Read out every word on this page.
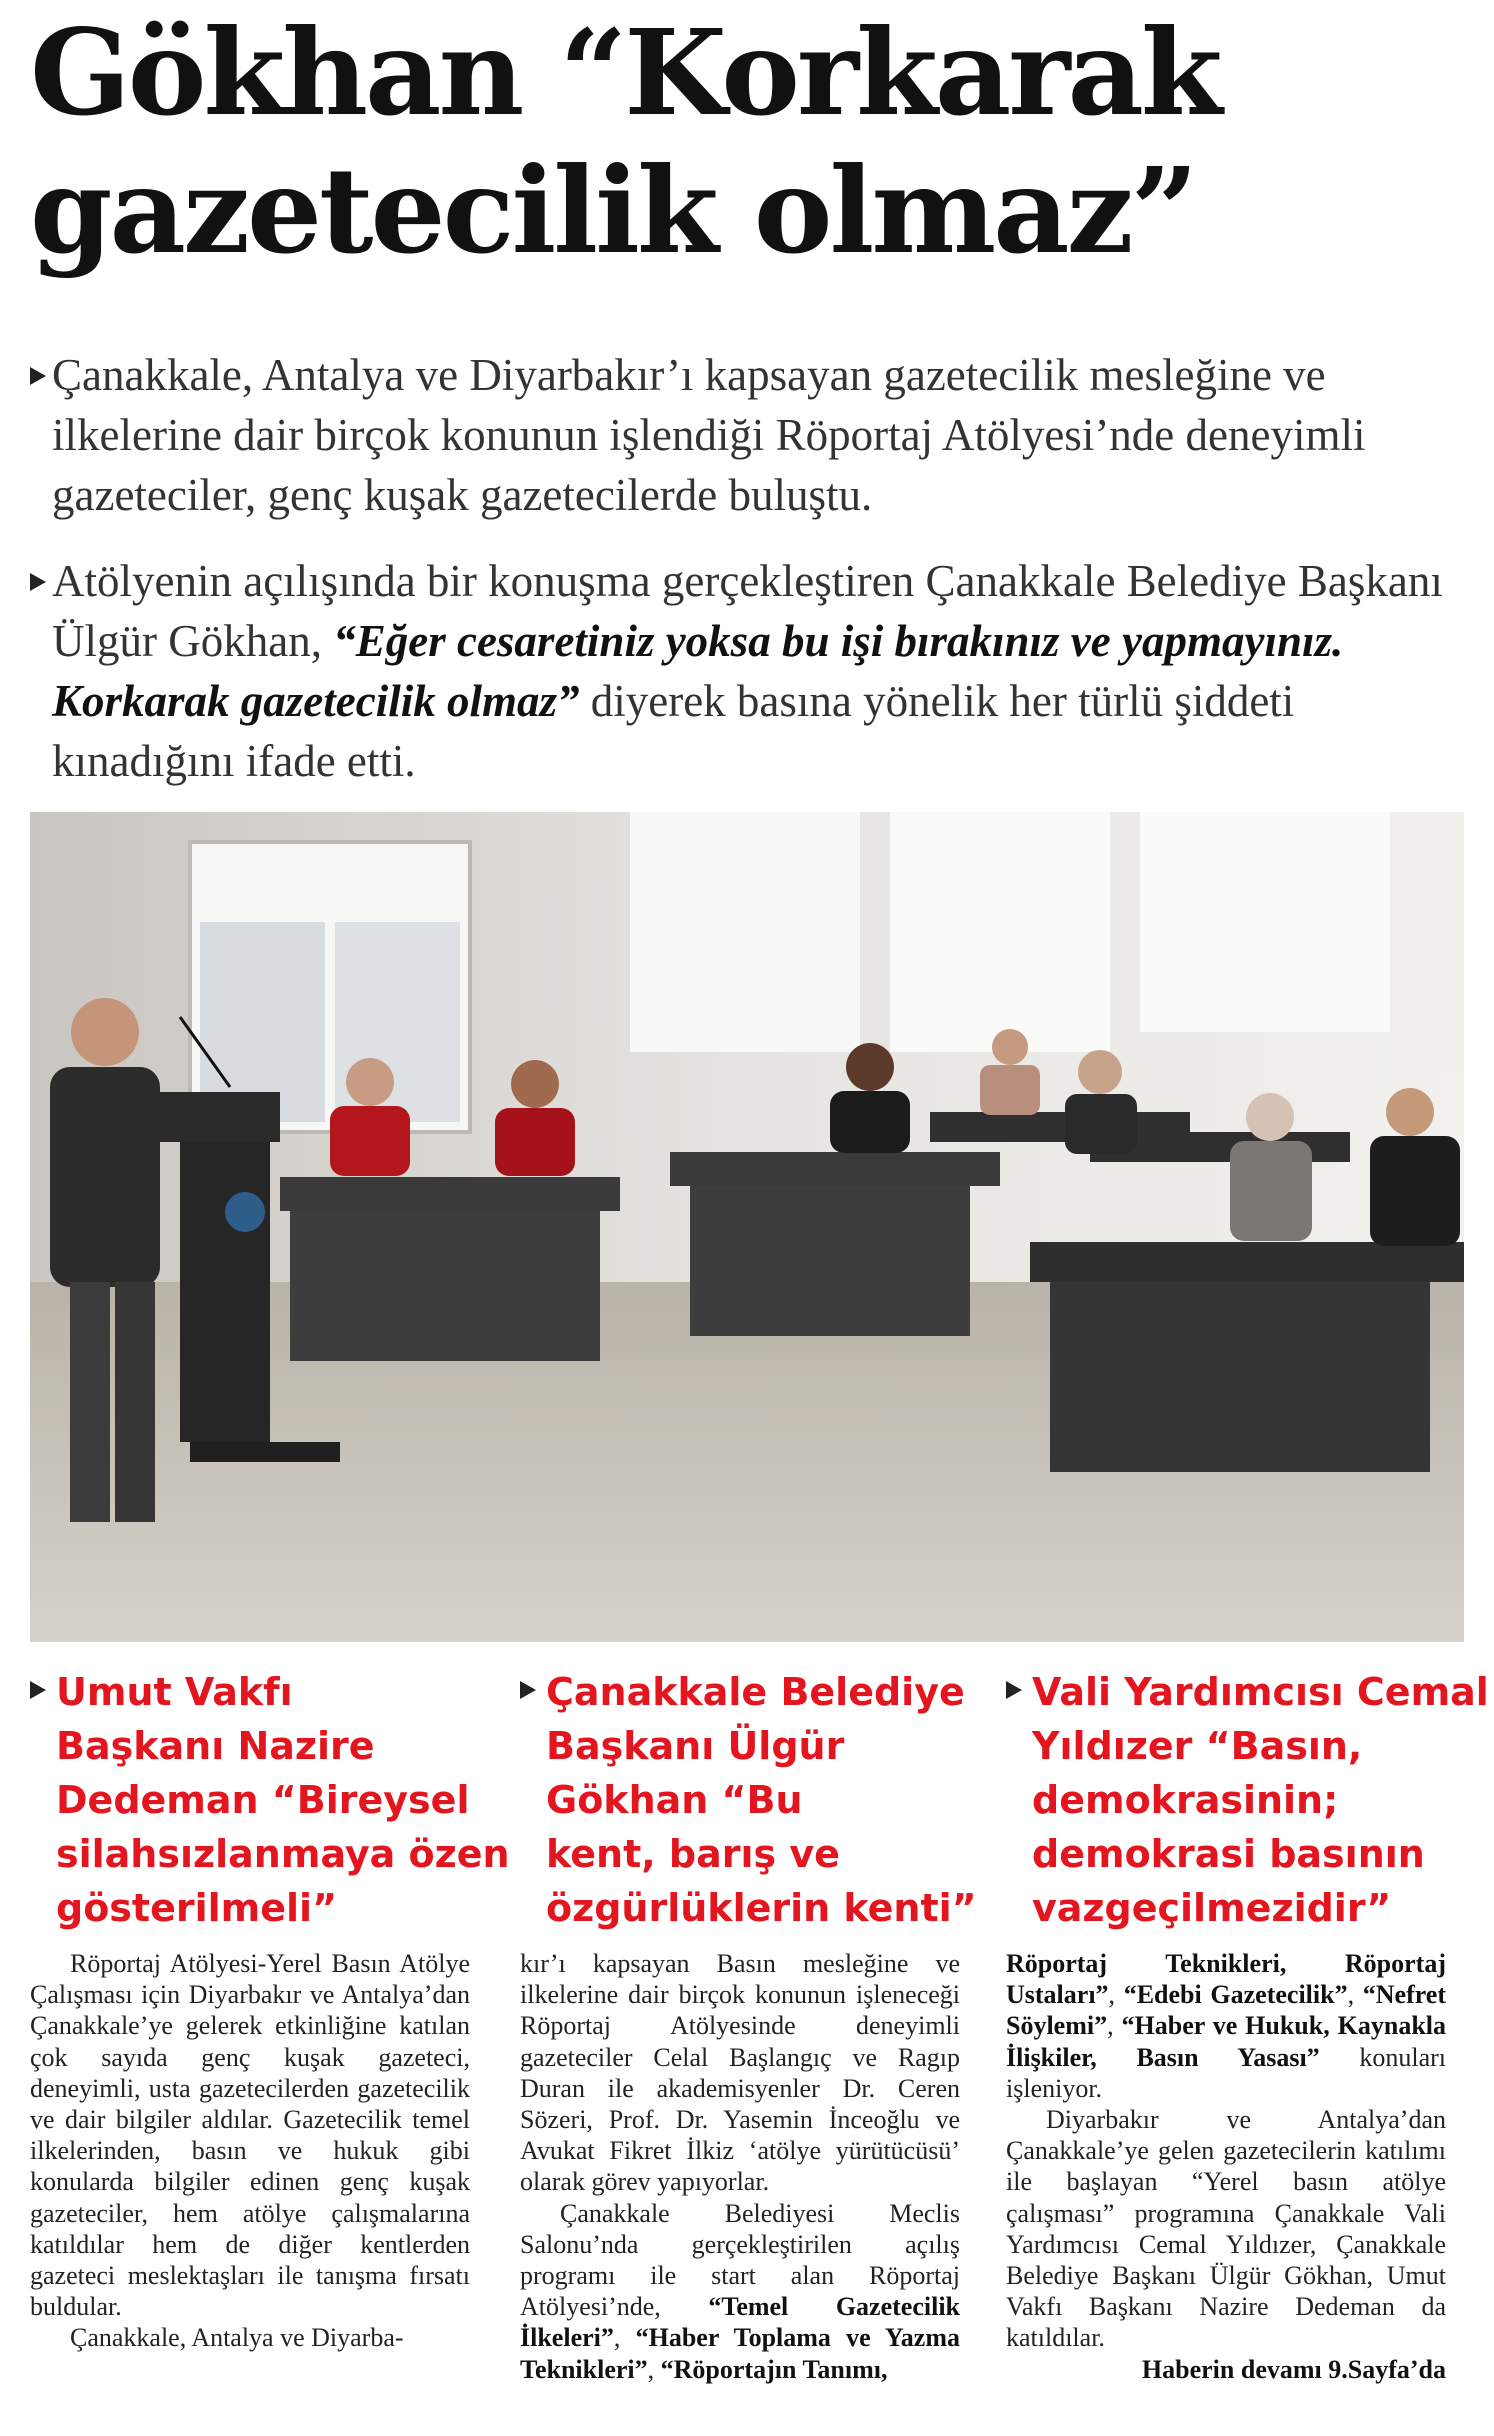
Gökhan “Korkarak
gazetecilik olmaz”
Çanakkale, Antalya ve Diyarbakır’ı kapsayan gazetecilik mesleğine ve ilkelerine dair birçok konunun işlendiği Röportaj Atölyesi’nde deneyimli gazeteciler, genç kuşak gazetecilerde buluştu.
Atölyenin açılışında bir konuşma gerçekleştiren Çanakkale Belediye Başkanı Ülgür Gökhan, “Eğer cesaretiniz yoksa bu işi bırakınız ve yapmayınız. Korkarak gazetecilik olmaz” diyerek basına yönelik her türlü şiddeti kınadığını ifade etti.
Umut Vakfı
Başkanı Nazire
Dedeman “Bireysel
silahsızlanmaya özen
gösterilmeli”
Çanakkale Belediye
Başkanı Ülgür
Gökhan “Bu
kent, barış ve
özgürlüklerin kenti”
Vali Yardımcısı Cemal
Yıldızer “Basın,
demokrasinin;
demokrasi basının
vazgeçilmezidir”

Röportaj Atölyesi-Yerel Basın Atölye Çalışması için Diyarbakır ve Antalya’dan Çanakkale’ye gelerek etkinliğine katılan çok sayıda genç kuşak gazeteci, deneyimli, usta gazetecilerden gazetecilik ve dair bilgiler aldılar. Gazetecilik temel ilkelerinden, basın ve hukuk gibi konularda bilgiler edinen genç kuşak gazeteciler, hem atölye çalışmalarına katıldılar hem de diğer kentlerden gazeteci meslektaşları ile tanışma fırsatı buldular.

Çanakkale, Antalya ve Diyarba-

kır’ı kapsayan Basın mesleğine ve ilkelerine dair birçok konunun işleneceği Röportaj Atölyesinde deneyimli gazeteciler Celal Başlangıç ve Ragıp Duran ile akademisyenler Dr. Ceren Sözeri, Prof. Dr. Yasemin İnceoğlu ve Avukat Fikret İlkiz ‘atölye yürütücüsü’ olarak görev yapıyorlar.

Çanakkale Belediyesi Meclis Salonu’nda gerçekleştirilen açılış programı ile start alan Röportaj Atölyesi’nde, “Temel Gazetecilik İlkeleri”, “Haber Toplama ve Yazma Teknikleri”, “Röportajın Tanımı,

Röportaj Teknikleri, Röportaj Ustaları”, “Edebi Gazetecilik”, “Nefret Söylemi”, “Haber ve Hukuk, Kaynakla İlişkiler, Basın Yasası” konuları işleniyor.

Diyarbakır ve Antalya’dan Çanakkale’ye gelen gazetecilerin katılımı ile başlayan “Yerel basın atölye çalışması” programına Çanakkale Vali Yardımcısı Cemal Yıldızer, Çanakkale Belediye Başkanı Ülgür Gökhan, Umut Vakfı Başkanı Nazire Dedeman da katıldılar.

Haberin devamı 9.Sayfa’da
